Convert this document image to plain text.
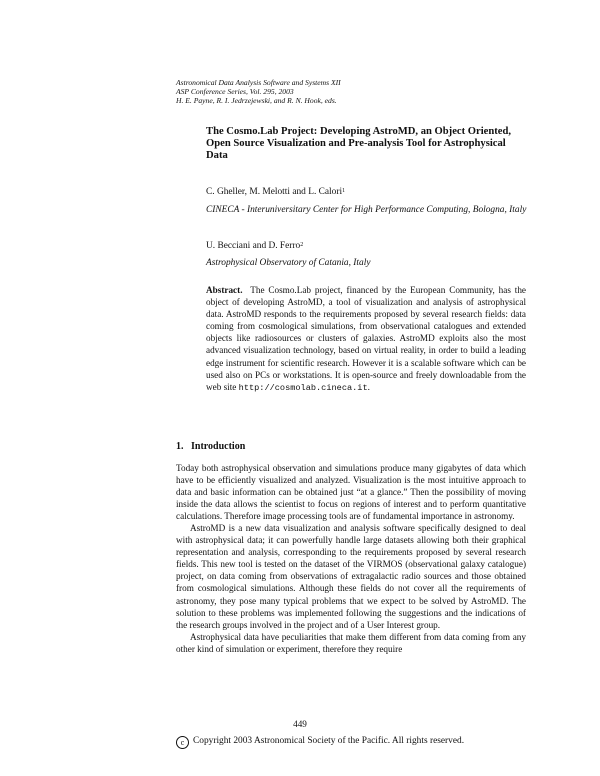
Astronomical Data Analysis Software and Systems XII
ASP Conference Series, Vol. 295, 2003
H. E. Payne, R. I. Jedrzejewski, and R. N. Hook, eds.
The Cosmo.Lab Project: Developing AstroMD, an Object Oriented, Open Source Visualization and Pre-analysis Tool for Astrophysical Data
C. Gheller, M. Melotti and L. Calori$^1$
CINECA - Interuniversitary Center for High Performance Computing, Bologna, Italy
U. Becciani and D. Ferro$^2$
Astrophysical Observatory of Catania, Italy
Abstract. The Cosmo.Lab project, financed by the European Community, has the object of developing AstroMD, a tool of visualization and analysis of astrophysical data. AstroMD responds to the requirements proposed by several research fields: data coming from cosmological simulations, from observational catalogues and extended objects like radiosources or clusters of galaxies. AstroMD exploits also the most advanced visualization technology, based on virtual reality, in order to build a leading edge instrument for scientific research. However it is a scalable software which can be used also on PCs or workstations. It is open-source and freely downloadable from the web site http://cosmolab.cineca.it.
1. Introduction

Today both astrophysical observation and simulations produce many gigabytes of data which have to be efficiently visualized and analyzed. Visualization is the most intuitive approach to data and basic information can be obtained just “at a glance.” Then the possibility of moving inside the data allows the scientist to focus on regions of interest and to perform quantitative calculations. Therefore image processing tools are of fundamental importance in astronomy.

AstroMD is a new data visualization and analysis software specifically designed to deal with astrophysical data; it can powerfully handle large datasets allowing both their graphical representation and analysis, corresponding to the requirements proposed by several research fields. This new tool is tested on the dataset of the VIRMOS (observational galaxy catalogue) project, on data coming from observations of extragalactic radio sources and those obtained from cosmological simulations. Although these fields do not cover all the requirements of astronomy, they pose many typical problems that we expect to be solved by AstroMD. The solution to these problems was implemented following the suggestions and the indications of the research groups involved in the project and of a User Interest group.

Astrophysical data have peculiarities that make them different from data coming from any other kind of simulation or experiment, therefore they require

449
c Copyright 2003 Astronomical Society of the Pacific. All rights reserved.
